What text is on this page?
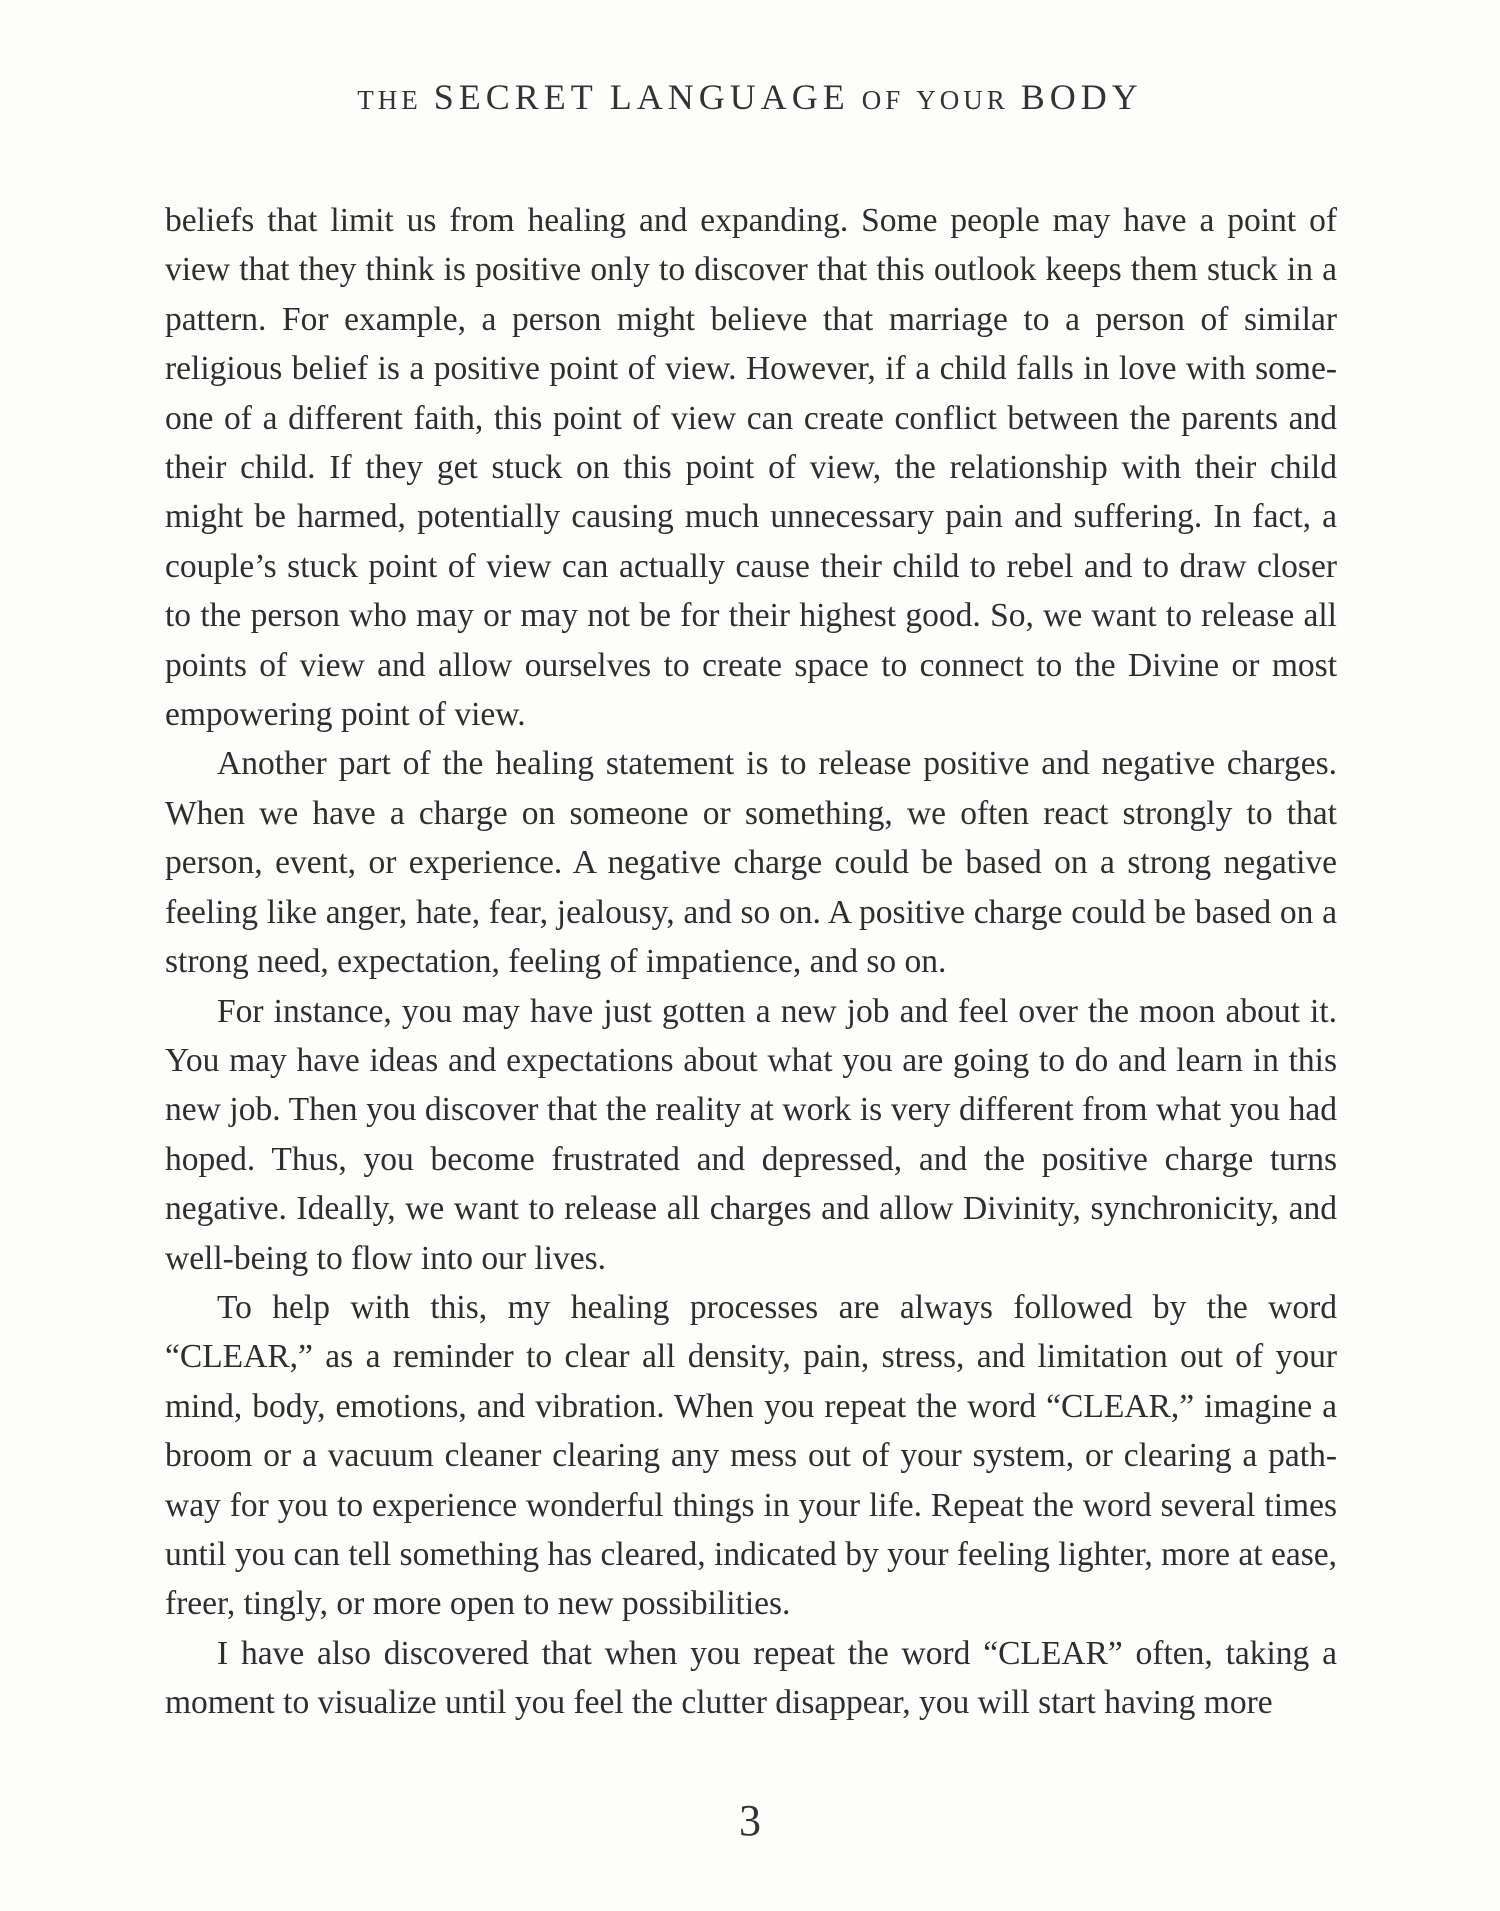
THE SECRET LANGUAGE OF YOUR BODY

beliefs that limit us from healing and expanding. Some people may have a point of view that they think is positive only to discover that this outlook keeps them stuck in a pattern. For example, a person might believe that marriage to a person of similar religious belief is a positive point of view. However, if a child falls in love with some-one of a different faith, this point of view can create conflict between the parents and their child. If they get stuck on this point of view, the relationship with their child might be harmed, potentially causing much unnecessary pain and suffering. In fact, a couple’s stuck point of view can actually cause their child to rebel and to draw closer to the person who may or may not be for their highest good. So, we want to release all points of view and allow ourselves to create space to connect to the Divine or most empowering point of view.

Another part of the healing statement is to release positive and negative charges. When we have a charge on someone or something, we often react strongly to that person, event, or experience. A negative charge could be based on a strong negative feeling like anger, hate, fear, jealousy, and so on. A positive charge could be based on a strong need, expectation, feeling of impatience, and so on.

For instance, you may have just gotten a new job and feel over the moon about it. You may have ideas and expectations about what you are going to do and learn in this new job. Then you discover that the reality at work is very different from what you had hoped. Thus, you become frustrated and depressed, and the positive charge turns negative. Ideally, we want to release all charges and allow Divinity, synchronicity, and well-being to flow into our lives.

To help with this, my healing processes are always followed by the word “CLEAR,” as a reminder to clear all density, pain, stress, and limitation out of your mind, body, emotions, and vibration. When you repeat the word “CLEAR,” imagine a broom or a vacuum cleaner clearing any mess out of your system, or clearing a path-way for you to experience wonderful things in your life. Repeat the word several times until you can tell something has cleared, indicated by your feeling lighter, more at ease, freer, tingly, or more open to new possibilities.

I have also discovered that when you repeat the word “CLEAR” often, taking a moment to visualize until you feel the clutter disappear, you will start having more

3
